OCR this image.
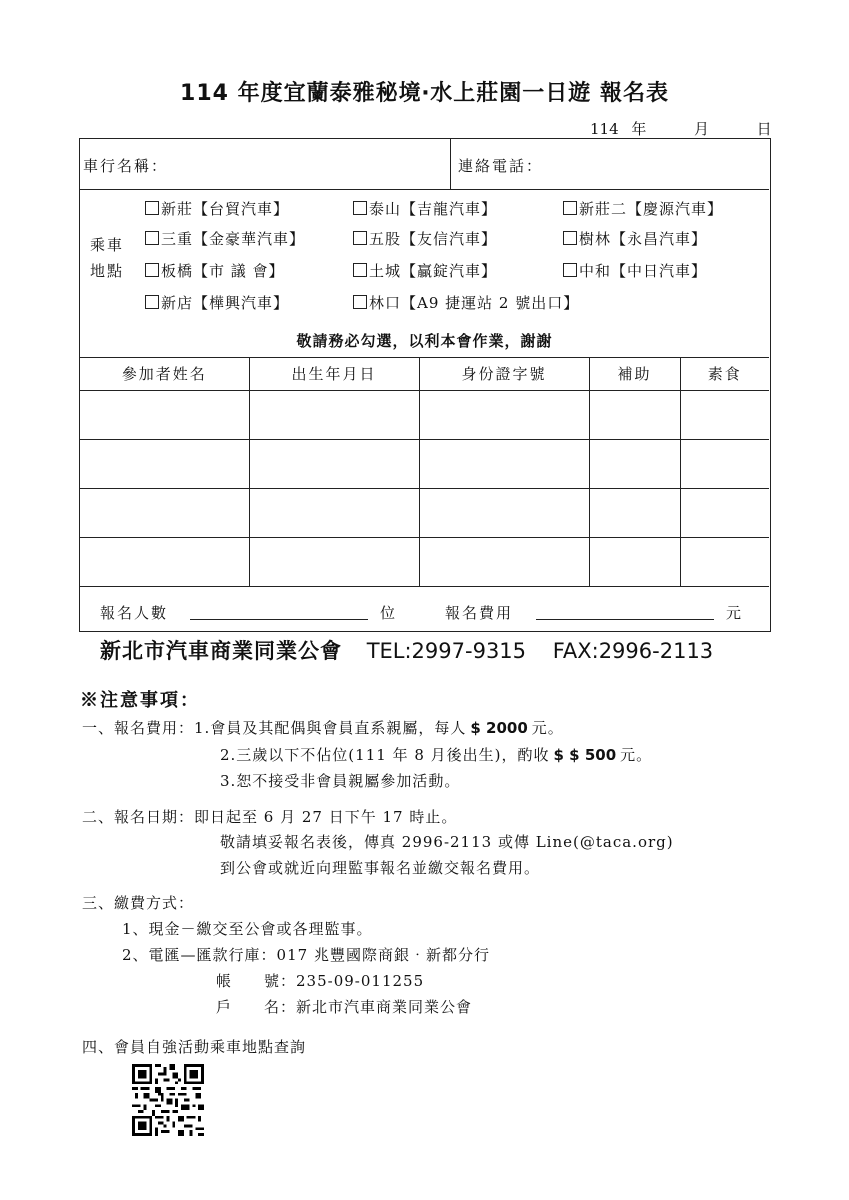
114 年度宜蘭泰雅秘境‧水上莊園一日遊 報名表
114 年	月	日
車行名稱：	連絡電話：
乘車
地點
新莊【台貿汽車】	泰山【吉龍汽車】	新莊二【慶源汽車】
三重【金豪華汽車】	五股【友信汽車】	樹林【永昌汽車】
板橋【市 議 會】	土城【贏錠汽車】	中和【中日汽車】
新店【樺興汽車】	林口【A9 捷運站 2 號出口】
敬請務必勾選，以利本會作業，謝謝
參加者姓名	出生年月日	身份證字號	補助	素食

報名人數	位	報名費用	元
新北市汽車商業同業公會 TEL:2997-9315 FAX:2996-2113
※注意事項：
一、報名費用：1.會員及其配偶與會員直系親屬，每人 $ 2000 元。
2.三歲以下不佔位(111 年 8 月後出生)，酌收 $ $ 500 元。
3.恕不接受非會員親屬參加活動。
二、報名日期：即日起至 6 月 27 日下午 17 時止。
敬請填妥報名表後，傳真 2996-2113 或傳 Line(@taca.org)
到公會或就近向理監事報名並繳交報名費用。
三、繳費方式：
1、現金－繳交至公會或各理監事。
2、電匯—匯款行庫：017 兆豐國際商銀‧新都分行
帳　　號：235-09-011255
戶　　名：新北市汽車商業同業公會
四、會員自強活動乘車地點查詢
